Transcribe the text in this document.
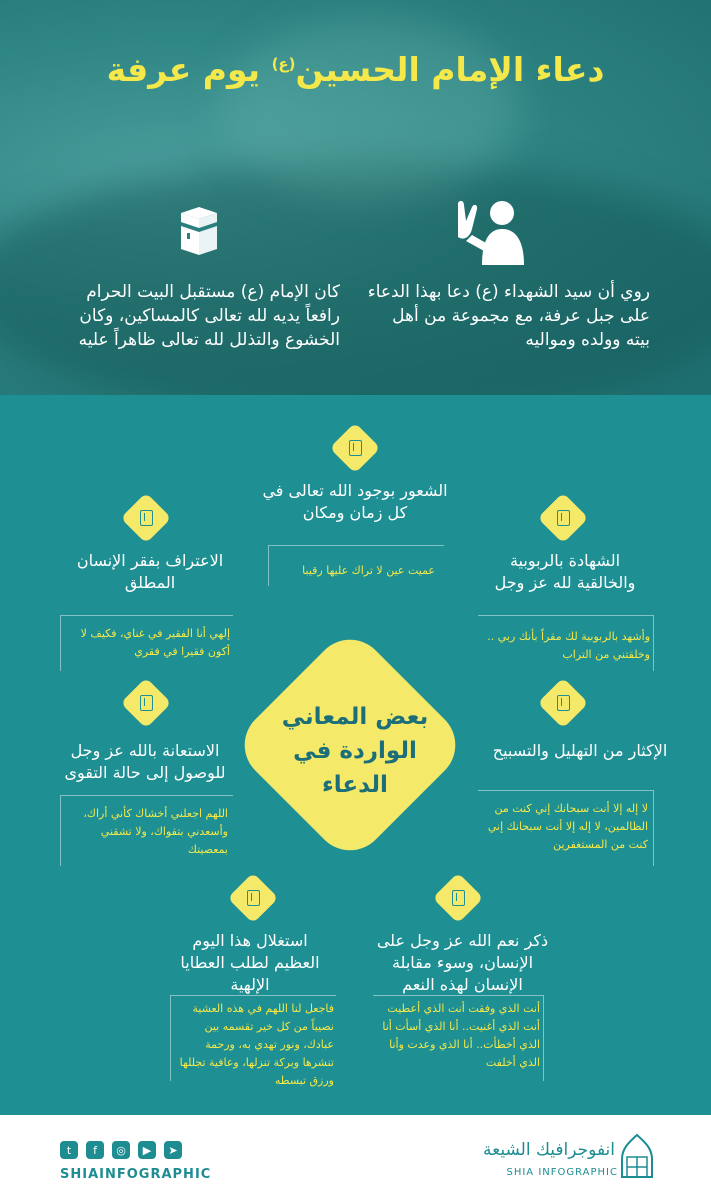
دعاء الإمام الحسين$^{(ع)}$ يوم عرفة
كان الإمام (ع) مستقبل البيت الحرام رافعاً يديه لله تعالى كالمساكين، وكان الخشوع والتذلل لله تعالى ظاهراً عليه
روي أن سيد الشهداء (ع) دعا بهذا الدعاء على جبل عرفة، مع مجموعة من أهل بيته وولده ومواليه
بعض المعاني الواردة في الدعاء
الشعور بوجود الله تعالى في كل زمان ومكان
عميت عين لا تراك عليها رقيبا
الاعتراف بفقر الإنسان المطلق
إلهي أنا الفقير في غناي، فكيف لا أكون فقيرا في فقري
الشهادة بالربوبية والخالقية لله عز وجل
وأشهد بالربوبية لك مقراً بأنك ربي .. وخلقتني من التراب
الاستعانة بالله عز وجل للوصول إلى حالة التقوى
اللهم اجعلني أخشاك كأني أراك، وأسعدني بتقواك، ولا تشقني بمعصيتك
الإكثار من التهليل والتسبيح
لا إله إلا أنت سبحانك إني كنت من الظالمين، لا إله إلا أنت سبحانك إني كنت من المستغفرين
استغلال هذا اليوم العظيم لطلب العطايا الإلهية
فاجعل لنا اللهم في هذه العشية نصيباً من كل خير تقسمه بين عبادك، ونور تهدي به، ورحمة تنشرها وبركة تنزلها، وعافية تجللها ورزق تبسطه
ذكر نعم الله عز وجل على الإنسان، وسوء مقابلة الإنسان لهذه النعم
أنت الذي وفقت أنت الذي أعطيت أنت الذي أغنيت.. أنا الذي أسأت أنا الذي أخطأت.. أنا الذي وعدت وأنا الذي أخلفت
t	f	◎	▶	➤
SHIAINFOGRAPHIC
انفوجرافيك الشيعة
SHIA INFOGRAPHIC
